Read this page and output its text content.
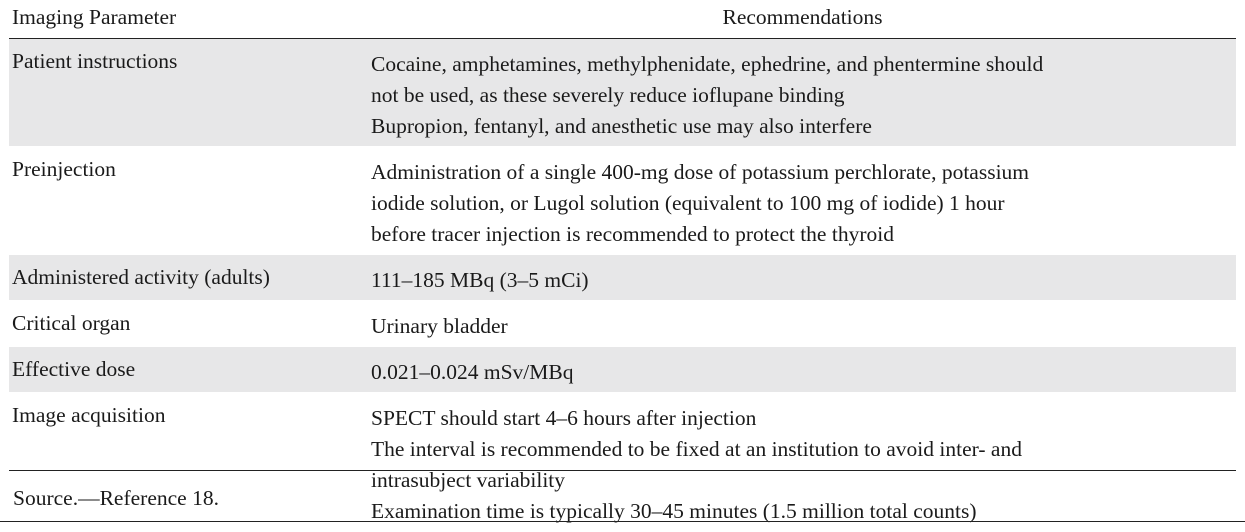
Imaging Parameter	Recommendations
Patient instructions	Cocaine, amphetamines, methylphenidate, ephedrine, and phentermine should
not be used, as these severely reduce ioflupane binding
Bupropion, fentanyl, and anesthetic use may also interfere
Preinjection	Administration of a single 400-mg dose of potassium perchlorate, potassium
iodide solution, or Lugol solution (equivalent to 100 mg of iodide) 1 hour
before tracer injection is recommended to protect the thyroid
Administered activity (adults)	111–185 MBq (3–5 mCi)
Critical organ	Urinary bladder
Effective dose	0.021–0.024 mSv/MBq
Image acquisition	SPECT should start 4–6 hours after injection
The interval is recommended to be fixed at an institution to avoid inter- and
intrasubject variability
Examination time is typically 30–45 minutes (1.5 million total counts)
Source.—Reference 18.
